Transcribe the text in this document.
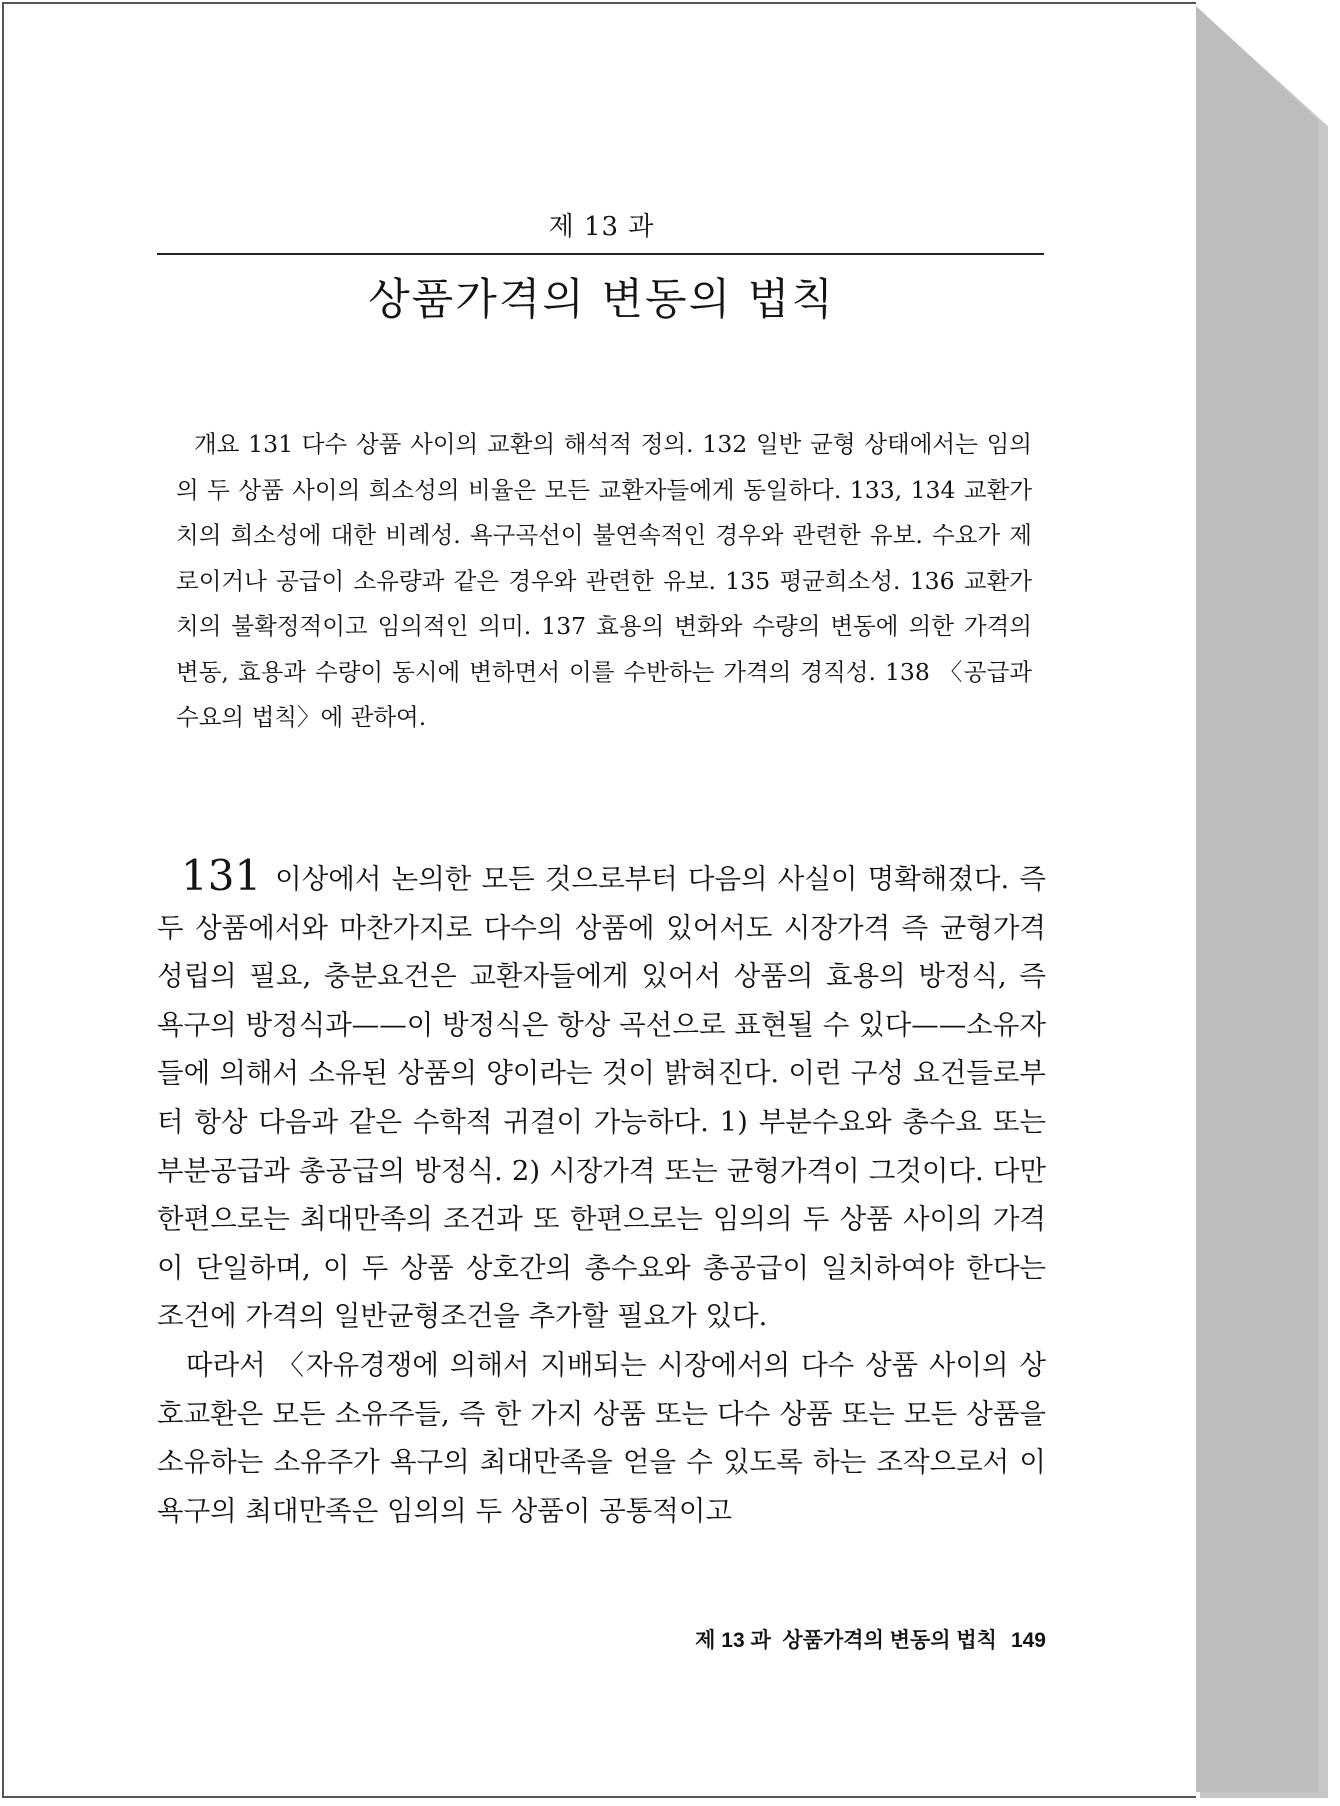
제 13 과
상품가격의 변동의 법칙

개요 131 다수 상품 사이의 교환의 해석적 정의. 132 일반 균형 상태에서는 임의의 두 상품 사이의 희소성의 비율은 모든 교환자들에게 동일하다. 133, 134 교환가치의 희소성에 대한 비례성. 욕구곡선이 불연속적인 경우와 관련한 유보. 수요가 제로이거나 공급이 소유량과 같은 경우와 관련한 유보. 135 평균희소성. 136 교환가치의 불확정적이고 임의적인 의미. 137 효용의 변화와 수량의 변동에 의한 가격의 변동, 효용과 수량이 동시에 변하면서 이를 수반하는 가격의 경직성. 138 〈공급과 수요의 법칙〉에 관하여.

131 이상에서 논의한 모든 것으로부터 다음의 사실이 명확해졌다. 즉 두 상품에서와 마찬가지로 다수의 상품에 있어서도 시장가격 즉 균형가격 성립의 필요, 충분요건은 교환자들에게 있어서 상품의 효용의 방정식, 즉 욕구의 방정식과——이 방정식은 항상 곡선으로 표현될 수 있다——소유자들에 의해서 소유된 상품의 양이라는 것이 밝혀진다. 이런 구성 요건들로부터 항상 다음과 같은 수학적 귀결이 가능하다. 1) 부분수요와 총수요 또는 부분공급과 총공급의 방정식. 2) 시장가격 또는 균형가격이 그것이다. 다만 한편으로는 최대만족의 조건과 또 한편으로는 임의의 두 상품 사이의 가격이 단일하며, 이 두 상품 상호간의 총수요와 총공급이 일치하여야 한다는 조건에 가격의 일반균형조건을 추가할 필요가 있다.

따라서 〈자유경쟁에 의해서 지배되는 시장에서의 다수 상품 사이의 상호교환은 모든 소유주들, 즉 한 가지 상품 또는 다수 상품 또는 모든 상품을 소유하는 소유주가 욕구의 최대만족을 얻을 수 있도록 하는 조작으로서 이 욕구의 최대만족은 임의의 두 상품이 공통적이고

제 13 과  상품가격의 변동의 법칙 149
